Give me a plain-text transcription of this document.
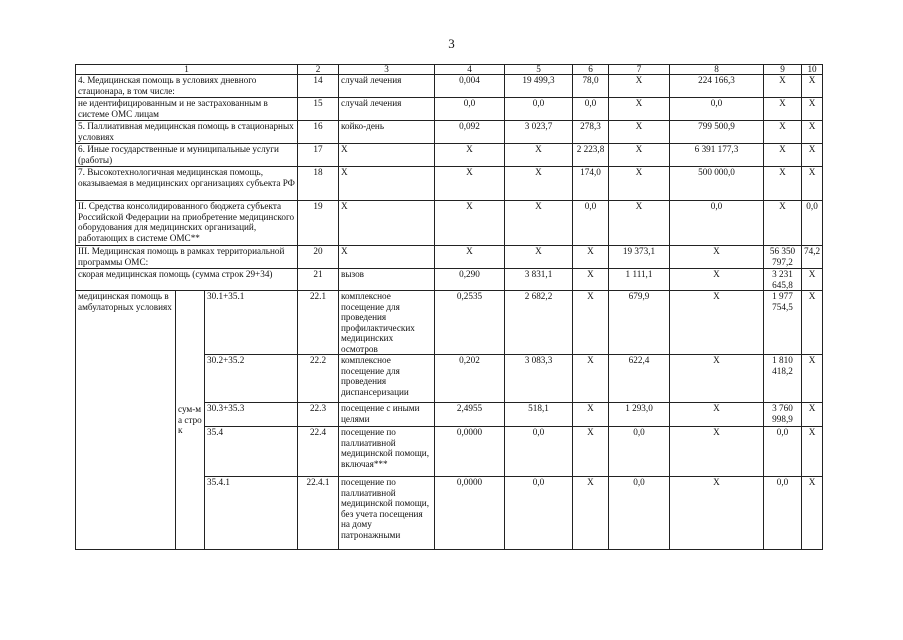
3
1			2	3	4	5	6	7	8	9	10
4. Медицинская помощь в условиях дневного стационара, в том числе:			14	случай лечения	0,004	19 499,3	78,0	X	224 166,3	X	X
не идентифицированным и не застрахованным в системе ОМС лицам			15	случай лечения	0,0	0,0	0,0	X	0,0	X	X
5. Паллиативная медицинская помощь в стационарных условиях			16	койко-день	0,092	3 023,7	278,3	X	799 500,9	X	X
6. Иные государственные и муниципальные услуги (работы)			17	X	X	X	2 223,8	X	6 391 177,3	X	X
7. Высокотехнологичная медицинская помощь, оказываемая в медицинских организациях субъекта РФ			18	X	X	X	174,0	X	500 000,0	X	X
II. Средства консолидированного бюджета субъекта Российской Федерации на приобретение медицинского оборудования для медицинских организаций, работающих в системе ОМС**			19	X	X	X	0,0	X	0,0	X	0,0
III. Медицинская помощь в рамках территориальной программы ОМС:			20	X	X	X	X	19 373,1	X	56 350 797,2	74,2
скорая медицинская помощь (сумма строк 29+34)			21	вызов	0,290	3 831,1	X	1 111,1	X	3 231 645,8	X
медицинская помощь в амбулаторных условиях	сум-ма строк	30.1+35.1	22.1	комплексное посещение для проведения профилактических медицинских осмотров	0,2535	2 682,2	X	679,9	X	1 977 754,5	X
		30.2+35.2	22.2	комплексное посещение для проведения диспансеризации	0,202	3 083,3	X	622,4	X	1 810 418,2	X
		30.3+35.3	22.3	посещение с иными целями	2,4955	518,1	X	1 293,0	X	3 760 998,9	X
		35.4	22.4	посещение по паллиативной медицинской помощи, включая***	0,0000	0,0	X	0,0	X	0,0	X
		35.4.1	22.4.1	посещение по паллиативной медицинской помощи, без учета посещения на дому патронажными	0,0000	0,0	X	0,0	X	0,0	X
